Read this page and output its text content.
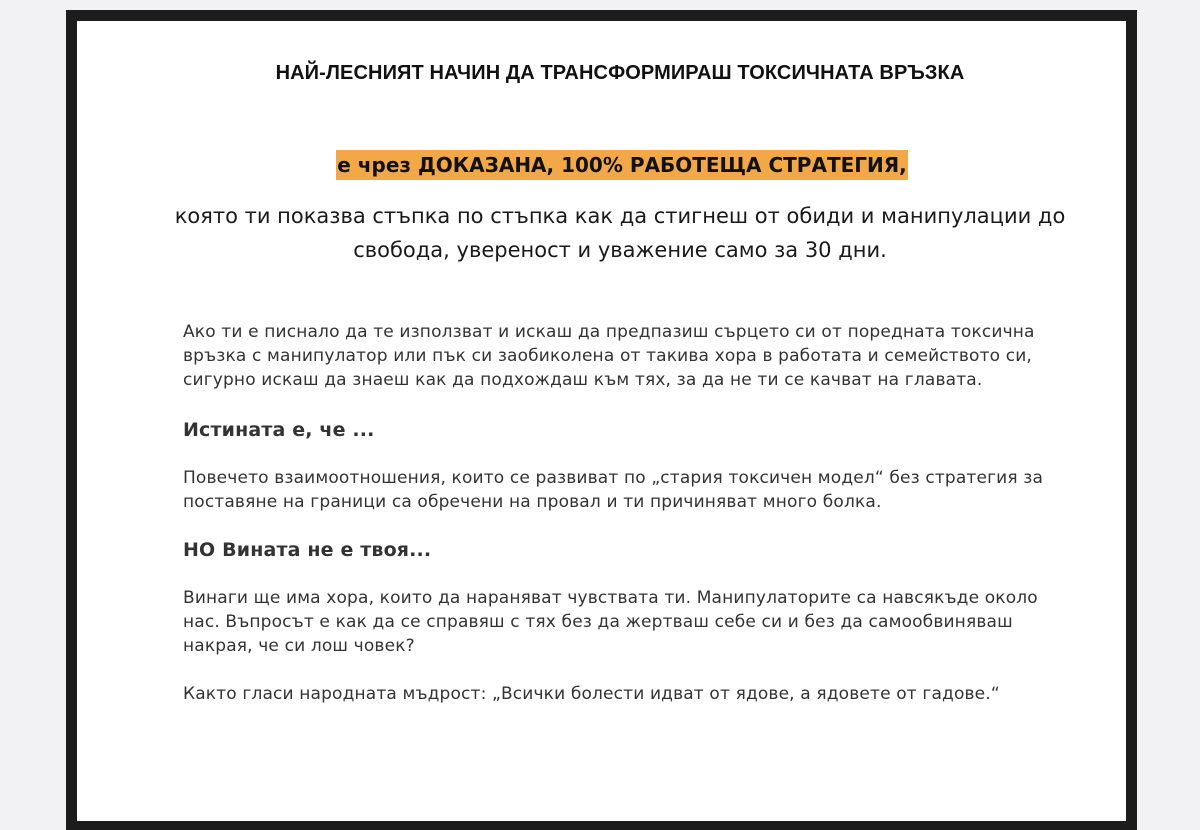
НАЙ-ЛЕСНИЯТ НАЧИН ДА ТРАНСФОРМИРАШ ТОКСИЧНАТА ВРЪЗКА
е чрез ДОКАЗАНА, 100% РАБОТЕЩА СТРАТЕГИЯ,

която ти показва стъпка по стъпка как да стигнеш от обиди и манипулации до свобода, увереност и уважение само за 30 дни.

Ако ти е писнало да те използват и искаш да предпазиш сърцето си от поредната токсична връзка с манипулатор или пък си заобиколена от такива хора в работата и семейството си, сигурно искаш да знаеш как да подхождаш към тях, за да не ти се качват на главата.

Истината е, че ...

Повечето взаимоотношения, които се развиват по „стария токсичен модел“ без стратегия за поставяне на граници са обречени на провал и ти причиняват много болка.

НО Вината не е твоя...

Винаги ще има хора, които да нараняват чувствата ти. Манипулаторите са навсякъде около нас. Въпросът е как да се справяш с тях без да жертваш себе си и без да самообвиняваш накрая, че си лош човек?

Както гласи народната мъдрост: „Всички болести идват от ядове, а ядовете от гадове.“
